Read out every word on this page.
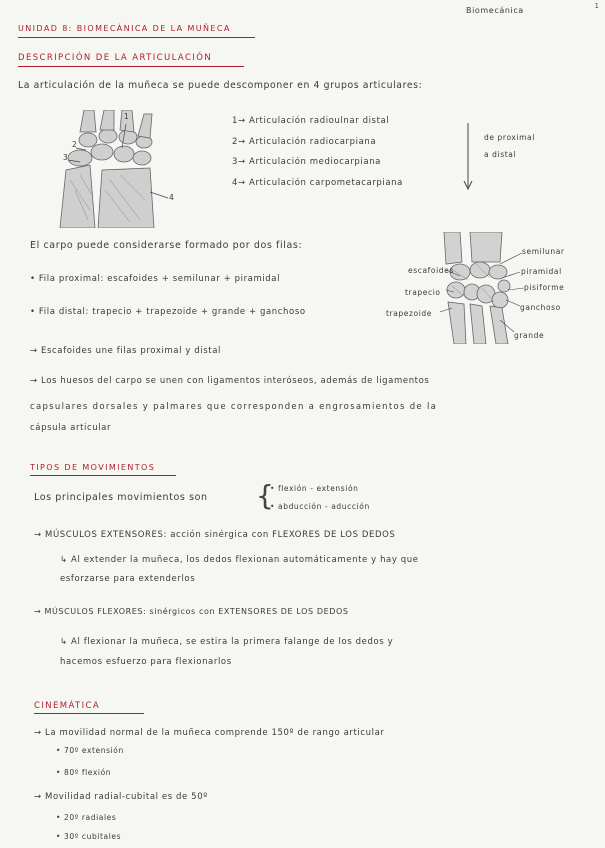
1
Biomecánica
UNIDAD 8: BIOMECÁNICA DE LA MUÑECA
DESCRIPCIÓN DE LA ARTICULACIÓN
La articulación de la muñeca se puede descomponer en 4 grupos articulares:
1
2
3
4
1→ Articulación radioulnar distal
2→ Articulación radiocarpiana
3→ Articulación mediocarpiana
4→ Articulación carpometacarpiana
de proximal
a distal
El carpo puede considerarse formado por dos filas:
• Fila proximal: escafoides + semilunar + piramidal
• Fila distal: trapecio + trapezoide + grande + ganchoso
→ Escafoides une filas proximal y distal
semilunar
piramidal
pisiforme
ganchoso
grande
escafoides
trapecio
trapezoide
→ Los huesos del carpo se unen con ligamentos interóseos, además de ligamentos
capsulares dorsales y palmares que corresponden a engrosamientos de la
cápsula articular
TIPOS DE MOVIMIENTOS
Los principales movimientos son {
• flexión - extensión
• abducción - aducción
→ MÚSCULOS EXTENSORES: acción sinérgica con FLEXORES DE LOS DEDOS
↳ Al extender la muñeca, los dedos flexionan automáticamente y hay que
esforzarse para extenderlos
→ MÚSCULOS FLEXORES: sinérgicos con EXTENSORES DE LOS DEDOS
↳ Al flexionar la muñeca, se estira la primera falange de los dedos y
hacemos esfuerzo para flexionarlos
CINEMÁTICA
→ La movilidad normal de la muñeca comprende 150º de rango articular
• 70º extensión
• 80º flexión
→ Movilidad radial-cubital es de 50º
• 20º radiales
• 30º cubitales
